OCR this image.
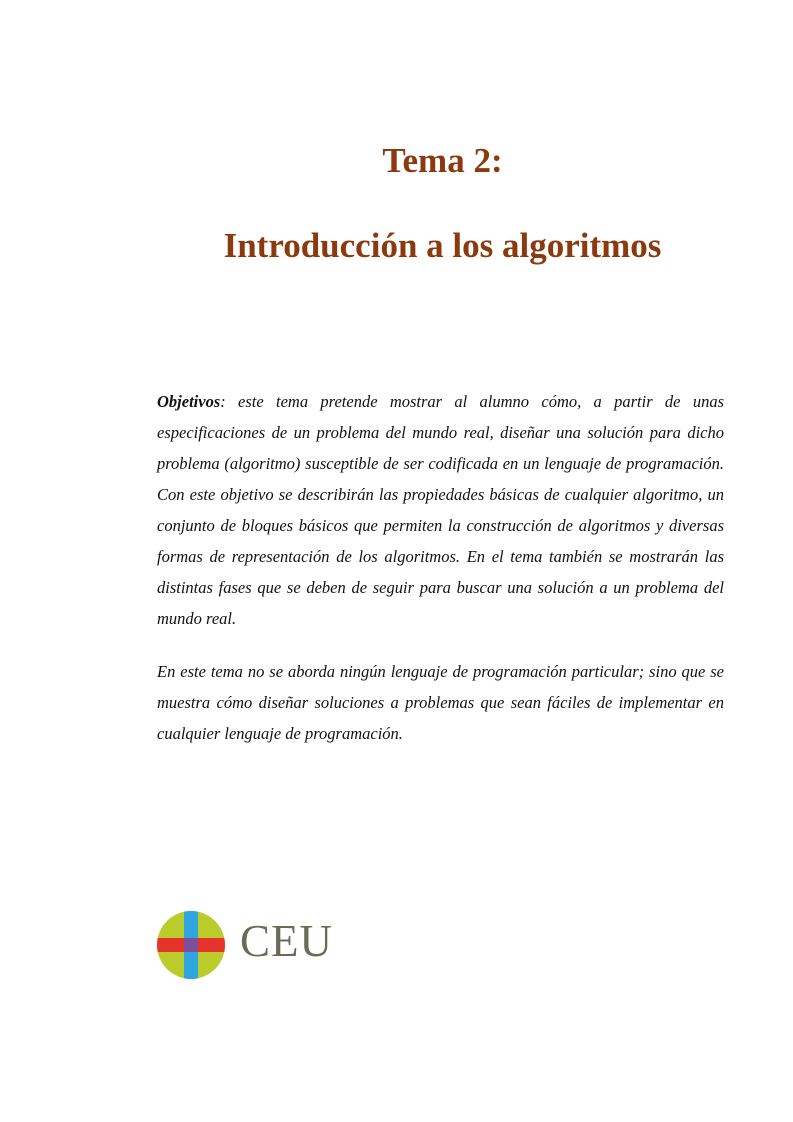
Tema 2:
Introducción a los algoritmos

Objetivos: este tema pretende mostrar al alumno cómo, a partir de unas especificaciones de un problema del mundo real, diseñar una solución para dicho problema (algoritmo) susceptible de ser codificada en un lenguaje de programación. Con este objetivo se describirán las propiedades básicas de cualquier algoritmo, un conjunto de bloques básicos que permiten la construcción de algoritmos y diversas formas de representación de los algoritmos. En el tema también se mostrarán las distintas fases que se deben de seguir para buscar una solución a un problema del mundo real.

En este tema no se aborda ningún lenguaje de programación particular; sino que se muestra cómo diseñar soluciones a problemas que sean fáciles de implementar en cualquier lenguaje de programación.

CEU
